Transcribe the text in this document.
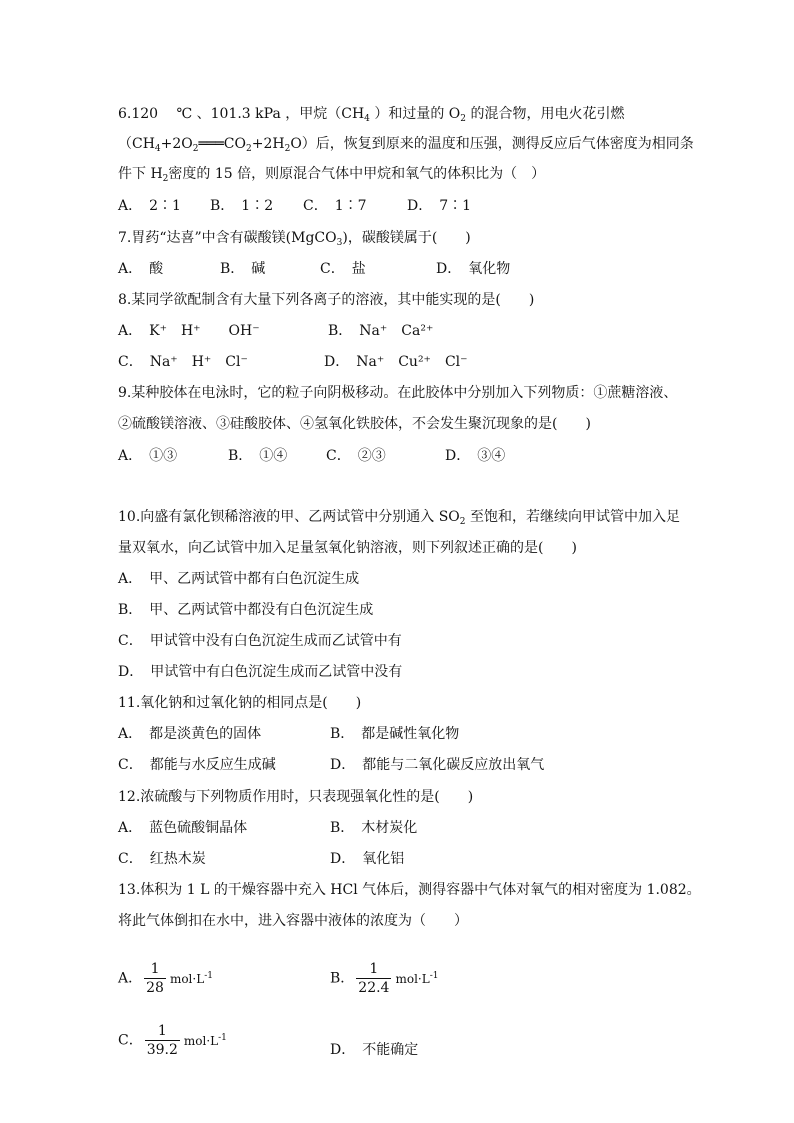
6.120　 ℃ 、101.3 kPa ，甲烷（$CH_4$ ）和过量的 $O_2$ 的混合物，用电火花引燃
$(CH_4+2O_2═══CO_2+2H_2O)$后，恢复到原来的温度和压强，测得反应后气体密度为相同条
件下 $H_2$密度的 15 倍，则原混合气体中甲烷和氧气的体积比为（　）
A．　2∶1 B．　1∶2 C．　1∶7	D．　7∶1
7.胃药“达喜”中含有碳酸镁(MgCO$_3$)，碳酸镁属于(　　)
A．　酸	B．　碱	C．　盐	D．　氧化物
8.某同学欲配制含有大量下列各离子的溶液，其中能实现的是(　　)
A．　K⁺　H⁺　　OH⁻	B．　Na⁺　Ca²⁺
C．　Na⁺　H⁺　Cl⁻	D．　Na⁺　Cu²⁺　Cl⁻
9.某种胶体在电泳时，它的粒子向阴极移动。在此胶体中分别加入下列物质：①蔗糖溶液、
②硫酸镁溶液、③硅酸胶体、④氢氧化铁胶体，不会发生聚沉现象的是(　　)
A．　①③	B．　①④	C．　②③	D．　③④
10.向盛有氯化钡稀溶液的甲、乙两试管中分别通入 $SO_2$ 至饱和，若继续向甲试管中加入足
量双氧水，向乙试管中加入足量氢氧化钠溶液，则下列叙述正确的是(　　)
A．　甲、乙两试管中都有白色沉淀生成
B．　甲、乙两试管中都没有白色沉淀生成
C．　甲试管中没有白色沉淀生成而乙试管中有
D．　甲试管中有白色沉淀生成而乙试管中没有
11.氧化钠和过氧化钠的相同点是(　　)
A．　都是淡黄色的固体	B．　都是碱性氧化物
C．　都能与水反应生成碱	D．　都能与二氧化碳反应放出氧气
12.浓硫酸与下列物质作用时，只表现强氧化性的是(　　)
A．　蓝色硫酸铜晶体	B．　木材炭化
C．　红热木炭	D．　氧化铝
13.体积为 1 L 的干燥容器中充入 HCl 气体后，测得容器中气体对氧气的相对密度为 1.082。
将此气体倒扣在水中，进入容器中液体的浓度为（　　）
A． $\frac{1}{28} mol\cdot L^{-1}$	B． $\frac{1}{22.4} mol\cdot L^{-1}$
C． $\frac{1}{39.2} mol\cdot L^{-1}$
D．　不能确定
